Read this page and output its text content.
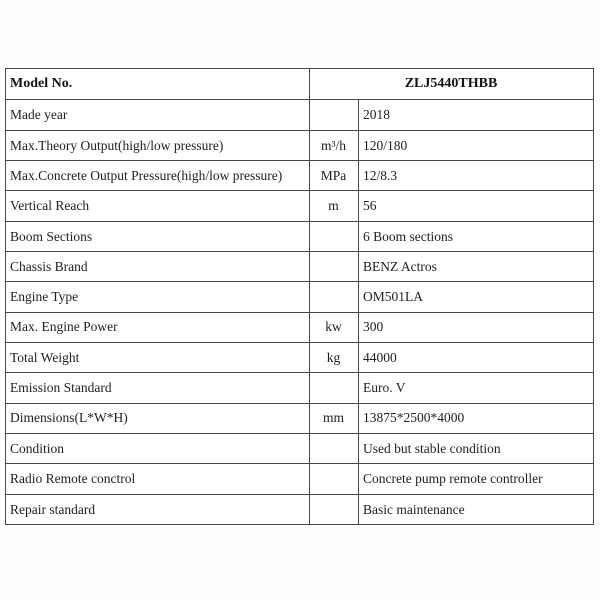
Model No.	ZLJ5440THBB	
Made year		2018
Max.Theory Output(high/low pressure)	m³/h	120/180
Max.Concrete Output Pressure(high/low pressure)	MPa	12/8.3
Vertical Reach	m	56
Boom Sections		6 Boom sections
Chassis Brand		BENZ Actros
Engine Type		OM501LA
Max. Engine Power	kw	300
Total Weight	kg	44000
Emission Standard		Euro. V
Dimensions(L*W*H)	mm	13875*2500*4000
Condition		Used but stable condition
Radio Remote conctrol		Concrete pump remote controller
Repair standard		Basic maintenance
